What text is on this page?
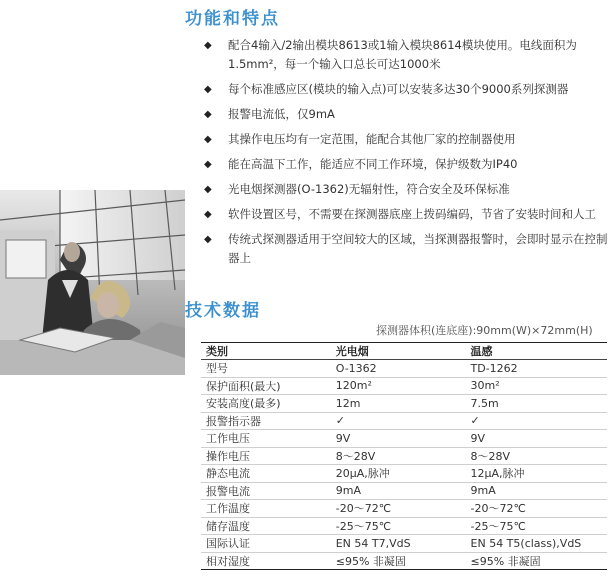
功能和特点
◆ 配合4输入/2输出模块8613或1输入模块8614模块使用。电线面积为1.5mm²，每一个输入口总长可达1000米
◆ 每个标准感应区(模块的输入点)可以安装多达30个9000系列探测器
◆ 报警电流低，仅9mA
◆ 其操作电压均有一定范围，能配合其他厂家的控制器使用
◆ 能在高温下工作，能适应不同工作环境，保护级数为IP40
◆ 光电烟探测器(O-1362)无辐射性，符合安全及环保标准
◆ 软件设置区号，不需要在探测器底座上拨码编码，节省了安装时间和人工
◆ 传统式探测器适用于空间较大的区域，当探测器报警时，会即时显示在控制器上
技术数据
探测器体积(连底座):90mm(W)×72mm(H)
类别	光电烟	温感
型号	O-1362	TD-1262
保护面积(最大)	120m²	30m²
安装高度(最多)	12m	7.5m
报警指示器	✓	✓
工作电压	9V	9V
操作电压	8～28V	8～28V
静态电流	20μA,脉冲	12μA,脉冲
报警电流	9mA	9mA
工作温度	-20～72℃	-20～72℃
储存温度	-25～75℃	-25～75℃
国际认证	EN 54 T7,VdS	EN 54 T5(class),VdS
相对湿度	≤95% 非凝固	≤95% 非凝固
